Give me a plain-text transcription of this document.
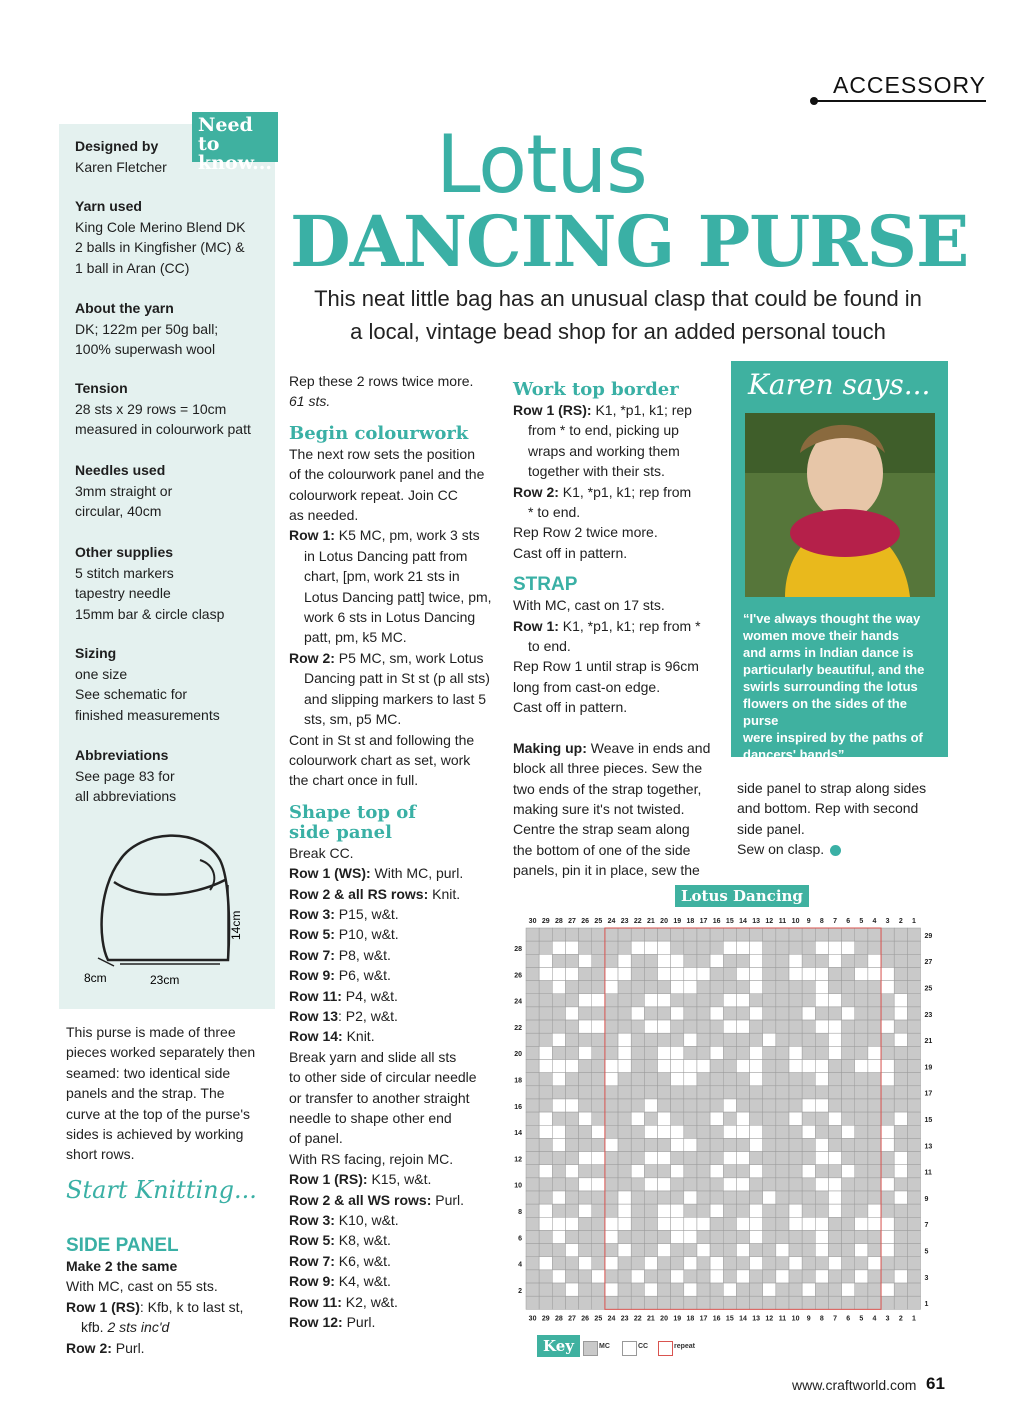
ACCESSORY
Need to
know...
Designed by
Karen Fletcher
Yarn used
King Cole Merino Blend DK
2 balls in Kingfisher (MC) &
1 ball in Aran (CC)
About the yarn
DK; 122m per 50g ball;
100% superwash wool
Tension
28 sts x 29 rows = 10cm
measured in colourwork patt
Needles used
3mm straight or
circular, 40cm
Other supplies
5 stitch markers
tapestry needle
15mm bar & circle clasp
Sizing
one size
See schematic for
finished measurements
Abbreviations
See page 83 for
all abbreviations
14cm
8cm	23cm
Lotus
DANCING PURSE
This neat little bag has an unusual clasp that could be found in
a local, vintage bead shop for an added personal touch

This purse is made of three

pieces worked separately then

seamed: two identical side

panels and the strap. The

curve at the top of the purse's

sides is achieved by working

short rows.

Start Knitting...

SIDE PANEL

Make 2 the same

With MC, cast on 55 sts.

Row 1 (RS): Kfb, k to last st,

kfb. 2 sts inc'd

Row 2: Purl.

Rep these 2 rows twice more.

61 sts.

Begin colourwork

The next row sets the position

of the colourwork panel and the

colourwork repeat. Join CC

as needed.

Row 1: K5 MC, pm, work 3 sts

in Lotus Dancing patt from

chart, [pm, work 21 sts in

Lotus Dancing patt] twice, pm,

work 6 sts in Lotus Dancing

patt, pm, k5 MC.

Row 2: P5 MC, sm, work Lotus

Dancing patt in St st (p all sts)

and slipping markers to last 5

sts, sm, p5 MC.

Cont in St st and following the

colourwork chart as set, work

the chart once in full.

Shape top of
side panel

Break CC.

Row 1 (WS): With MC, purl.

Row 2 & all RS rows: Knit.

Row 3: P15, w&t.

Row 5: P10, w&t.

Row 7: P8, w&t.

Row 9: P6, w&t.

Row 11: P4, w&t.

Row 13: P2, w&t.

Row 14: Knit.

Break yarn and slide all sts

to other side of circular needle

or transfer to another straight

needle to shape other end

of panel.

With RS facing, rejoin MC.

Row 1 (RS): K15, w&t.

Row 2 & all WS rows: Purl.

Row 3: K10, w&t.

Row 5: K8, w&t.

Row 7: K6, w&t.

Row 9: K4, w&t.

Row 11: K2, w&t.

Row 12: Purl.

Work top border

Row 1 (RS): K1, *p1, k1; rep

from * to end, picking up

wraps and working them

together with their sts.

Row 2: K1, *p1, k1; rep from

* to end.

Rep Row 2 twice more.

Cast off in pattern.

STRAP

With MC, cast on 17 sts.

Row 1: K1, *p1, k1; rep from *

to end.

Rep Row 1 until strap is 96cm

long from cast-on edge.

Cast off in pattern.

Making up: Weave in ends and

block all three pieces. Sew the

two ends of the strap together,

making sure it's not twisted.

Centre the strap seam along

the bottom of one of the side

panels, pin it in place, sew the

side panel to strap along sides

and bottom. Rep with second

side panel.

Sew on clasp.

Karen says...
“I've always thought the way
women move their hands
and arms in Indian dance is
particularly beautiful, and the
swirls surrounding the lotus
flowers on the sides of the purse
were inspired by the paths of
dancers' hands”
Lotus Dancing
30
30
29
29
28
28
27
27
26
26
25
25
24
24
23
23
22
22
21
21
20
20
19
19
18
18
17
17
16
16
15
15
14
14
13
13
12
12
11
11
10
10
9
9
8
8
7
7
6
6
5
5
4
4
3
3
2
2
1
1
28
26
24
22
20
18
16
14
12
10
8
6
4
2
29
27
25
23
21
19
17
15
13
11
9
7
5
3
1
Key	MC	CC	repeat
www.craftworld.com 61
